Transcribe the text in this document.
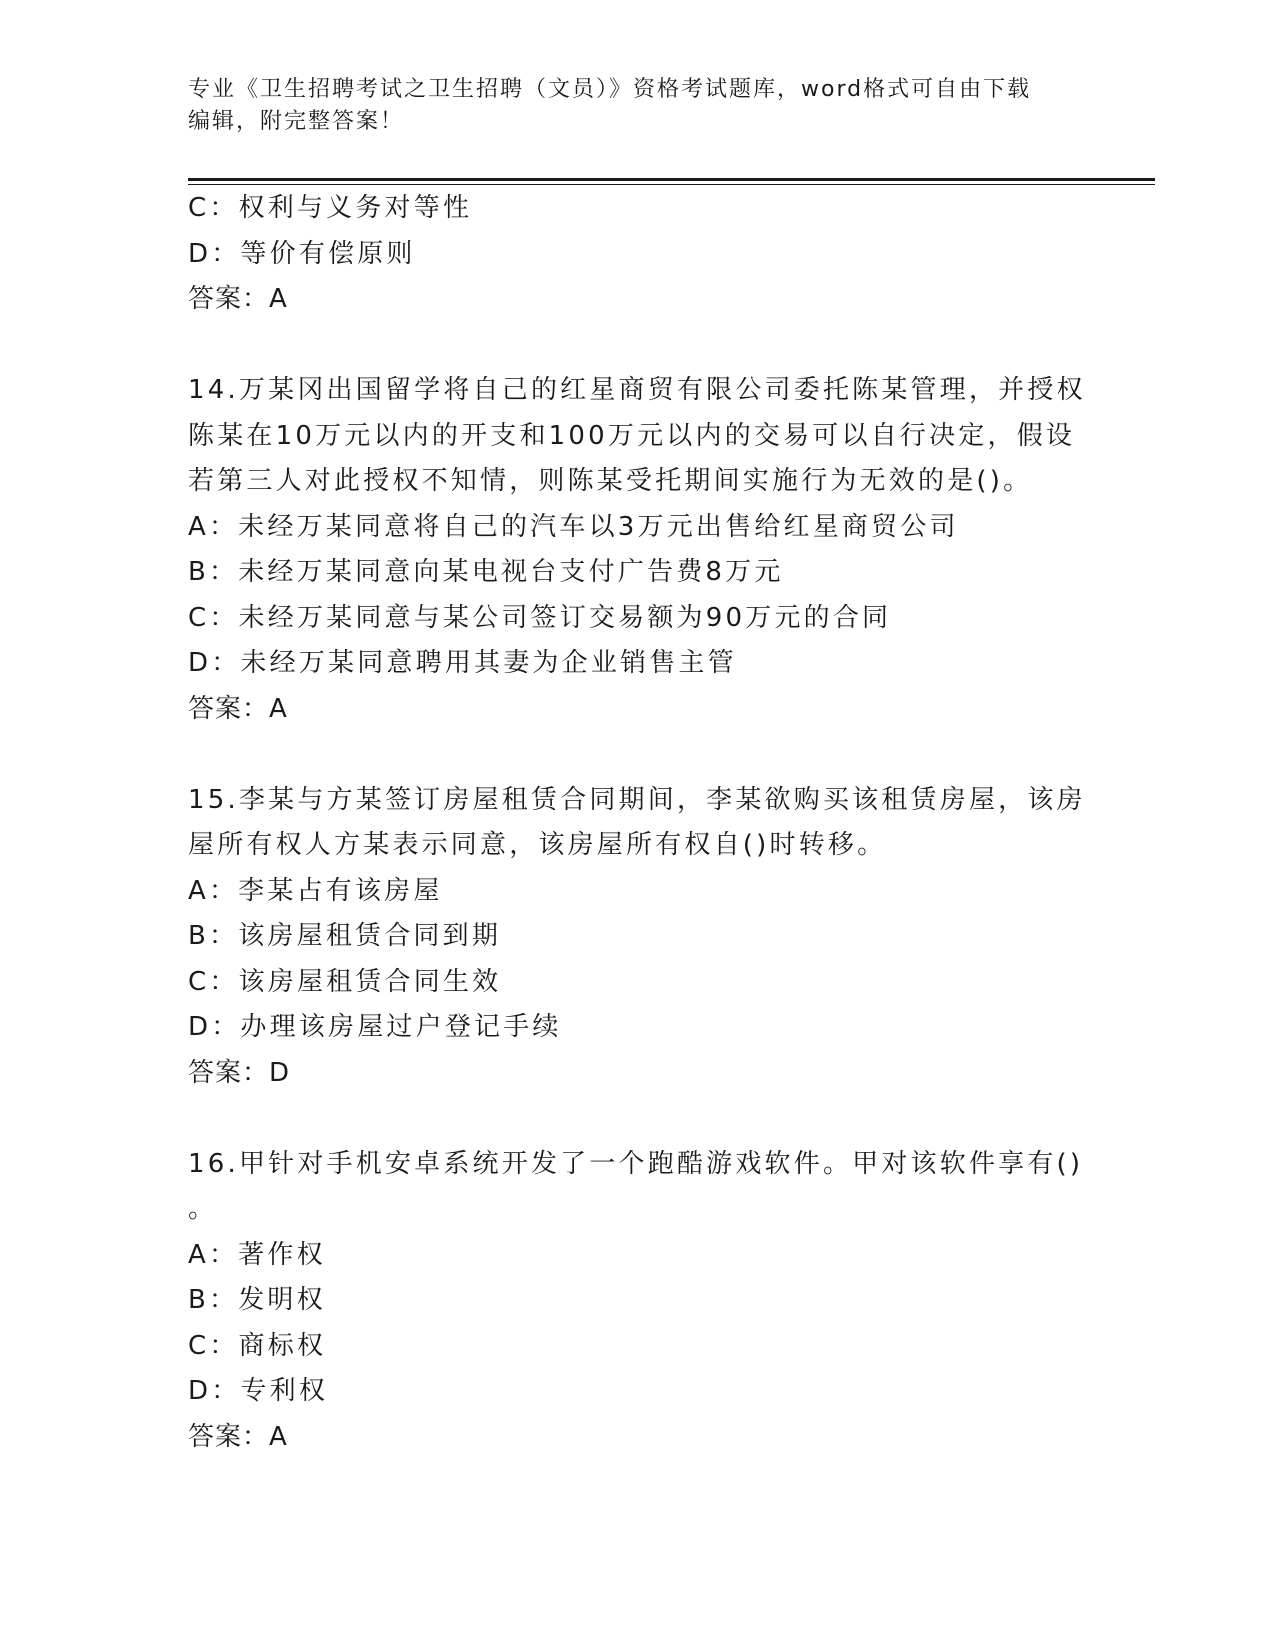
专业《卫生招聘考试之卫生招聘（文员）》资格考试题库，word格式可自由下载
编辑，附完整答案！
C：权利与义务对等性
D：等价有偿原则
答案：A
14.万某冈出国留学将自己的红星商贸有限公司委托陈某管理，并授权
陈某在10万元以内的开支和100万元以内的交易可以自行决定，假设
若第三人对此授权不知情，则陈某受托期间实施行为无效的是()。
A：未经万某同意将自己的汽车以3万元出售给红星商贸公司
B：未经万某同意向某电视台支付广告费8万元
C：未经万某同意与某公司签订交易额为90万元的合同
D：未经万某同意聘用其妻为企业销售主管
答案：A
15.李某与方某签订房屋租赁合同期间，李某欲购买该租赁房屋，该房
屋所有权人方某表示同意，该房屋所有权自()时转移。
A：李某占有该房屋
B：该房屋租赁合同到期
C：该房屋租赁合同生效
D：办理该房屋过户登记手续
答案：D
16.甲针对手机安卓系统开发了一个跑酷游戏软件。甲对该软件享有()
。
A：著作权
B：发明权
C：商标权
D：专利权
答案：A
